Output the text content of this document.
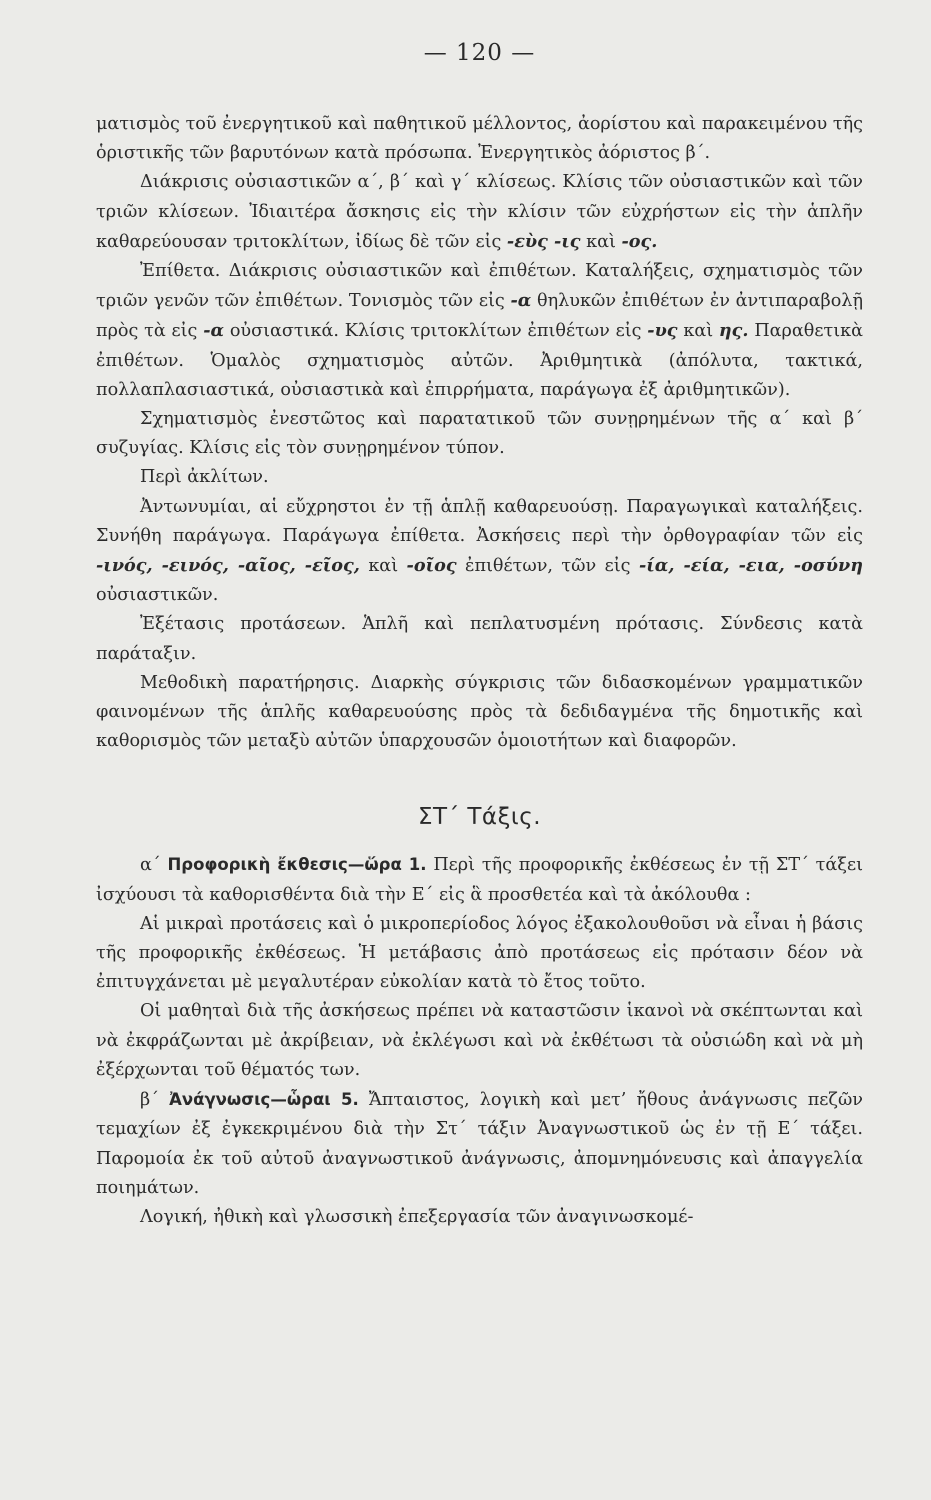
— 120 —

ματισμὸς τοῦ ἐνεργητικοῦ καὶ παθητικοῦ μέλλοντος, ἀορίστου καὶ παρακειμένου τῆς ὁριστικῆς τῶν βαρυτόνων κατὰ πρόσωπα. Ἐνεργητικὸς ἀόριστος β΄.

Διάκρισις οὐσιαστικῶν α΄, β΄ καὶ γ΄ κλίσεως. Κλίσις τῶν οὐσιαστικῶν καὶ τῶν τριῶν κλίσεων. Ἰδιαιτέρα ἄσκησις εἰς τὴν κλίσιν τῶν εὐχρήστων εἰς τὴν ἁπλῆν καθαρεύουσαν τριτοκλίτων, ἰδίως δὲ τῶν εἰς -εὺς -ις καὶ -ος.

Ἐπίθετα. Διάκρισις οὐσιαστικῶν καὶ ἐπιθέτων. Καταλήξεις, σχηματισμὸς τῶν τριῶν γενῶν τῶν ἐπιθέτων. Τονισμὸς τῶν εἰς -α θηλυκῶν ἐπιθέτων ἐν ἀντιπαραβολῇ πρὸς τὰ εἰς -α οὐσιαστικά. Κλίσις τριτοκλίτων ἐπιθέτων εἰς -υς καὶ ης. Παραθετικὰ ἐπιθέτων. Ὁμαλὸς σχηματισμὸς αὐτῶν. Ἀριθμητικὰ (ἀπόλυτα, τακτικά, πολλαπλασιαστικά, οὐσιαστικὰ καὶ ἐπιρρήματα, παράγωγα ἐξ ἀριθμητικῶν).

Σχηματισμὸς ἐνεστῶτος καὶ παρατατικοῦ τῶν συνῃρημένων τῆς α΄ καὶ β΄ συζυγίας. Κλίσις εἰς τὸν συνῃρημένον τύπον.

Περὶ ἀκλίτων.

Ἀντωνυμίαι, αἱ εὔχρηστοι ἐν τῇ ἁπλῇ καθαρευούσῃ. Παραγωγικαὶ καταλήξεις. Συνήθη παράγωγα. Παράγωγα ἐπίθετα. Ἀσκήσεις περὶ τὴν ὀρθογραφίαν τῶν εἰς -ινός, -εινός, -αῖος, -εῖος, καὶ -οῖος ἐπιθέτων, τῶν εἰς -ία, -εία, -εια, -οσύνη οὐσιαστικῶν.

Ἐξέτασις προτάσεων. Ἁπλῆ καὶ πεπλατυσμένη πρότασις. Σύνδεσις κατὰ παράταξιν.

Μεθοδικὴ παρατήρησις. Διαρκὴς σύγκρισις τῶν διδασκομένων γραμματικῶν φαινομένων τῆς ἁπλῆς καθαρευούσης πρὸς τὰ δεδιδαγμένα τῆς δημοτικῆς καὶ καθορισμὸς τῶν μεταξὺ αὐτῶν ὑπαρχουσῶν ὁμοιοτήτων καὶ διαφορῶν.

ΣΤ΄ Τάξις.

α΄ Προφορικὴ ἔκθεσις—ὥρα 1. Περὶ τῆς προφορικῆς ἐκθέσεως ἐν τῇ ΣΤ΄ τάξει ἰσχύουσι τὰ καθορισθέντα διὰ τὴν Ε΄ εἰς ἃ προσθετέα καὶ τὰ ἀκόλουθα :

Αἱ μικραὶ προτάσεις καὶ ὁ μικροπερίοδος λόγος ἐξακολουθοῦσι νὰ εἶναι ἡ βάσις τῆς προφορικῆς ἐκθέσεως. Ἡ μετάβασις ἀπὸ προτάσεως εἰς πρότασιν δέον νὰ ἐπιτυγχάνεται μὲ μεγαλυτέραν εὐκολίαν κατὰ τὸ ἔτος τοῦτο.

Οἱ μαθηταὶ διὰ τῆς ἀσκήσεως πρέπει νὰ καταστῶσιν ἱκανοὶ νὰ σκέπτωνται καὶ νὰ ἐκφράζωνται μὲ ἀκρίβειαν, νὰ ἐκλέγωσι καὶ νὰ ἐκθέτωσι τὰ οὐσιώδη καὶ νὰ μὴ ἐξέρχωνται τοῦ θέματός των.

β΄ Ἀνάγνωσις—ὧραι 5. Ἄπταιστος, λογικὴ καὶ μετ’ ἤθους ἀνάγνωσις πεζῶν τεμαχίων ἐξ ἐγκεκριμένου διὰ τὴν Στ΄ τάξιν Ἀναγνωστικοῦ ὡς ἐν τῇ Ε΄ τάξει. Παρομοία ἐκ τοῦ αὐτοῦ ἀναγνωστικοῦ ἀνάγνωσις, ἀπομνημόνευσις καὶ ἀπαγγελία ποιημάτων.

Λογική, ἠθικὴ καὶ γλωσσικὴ ἐπεξεργασία τῶν ἀναγινωσκομέ-
